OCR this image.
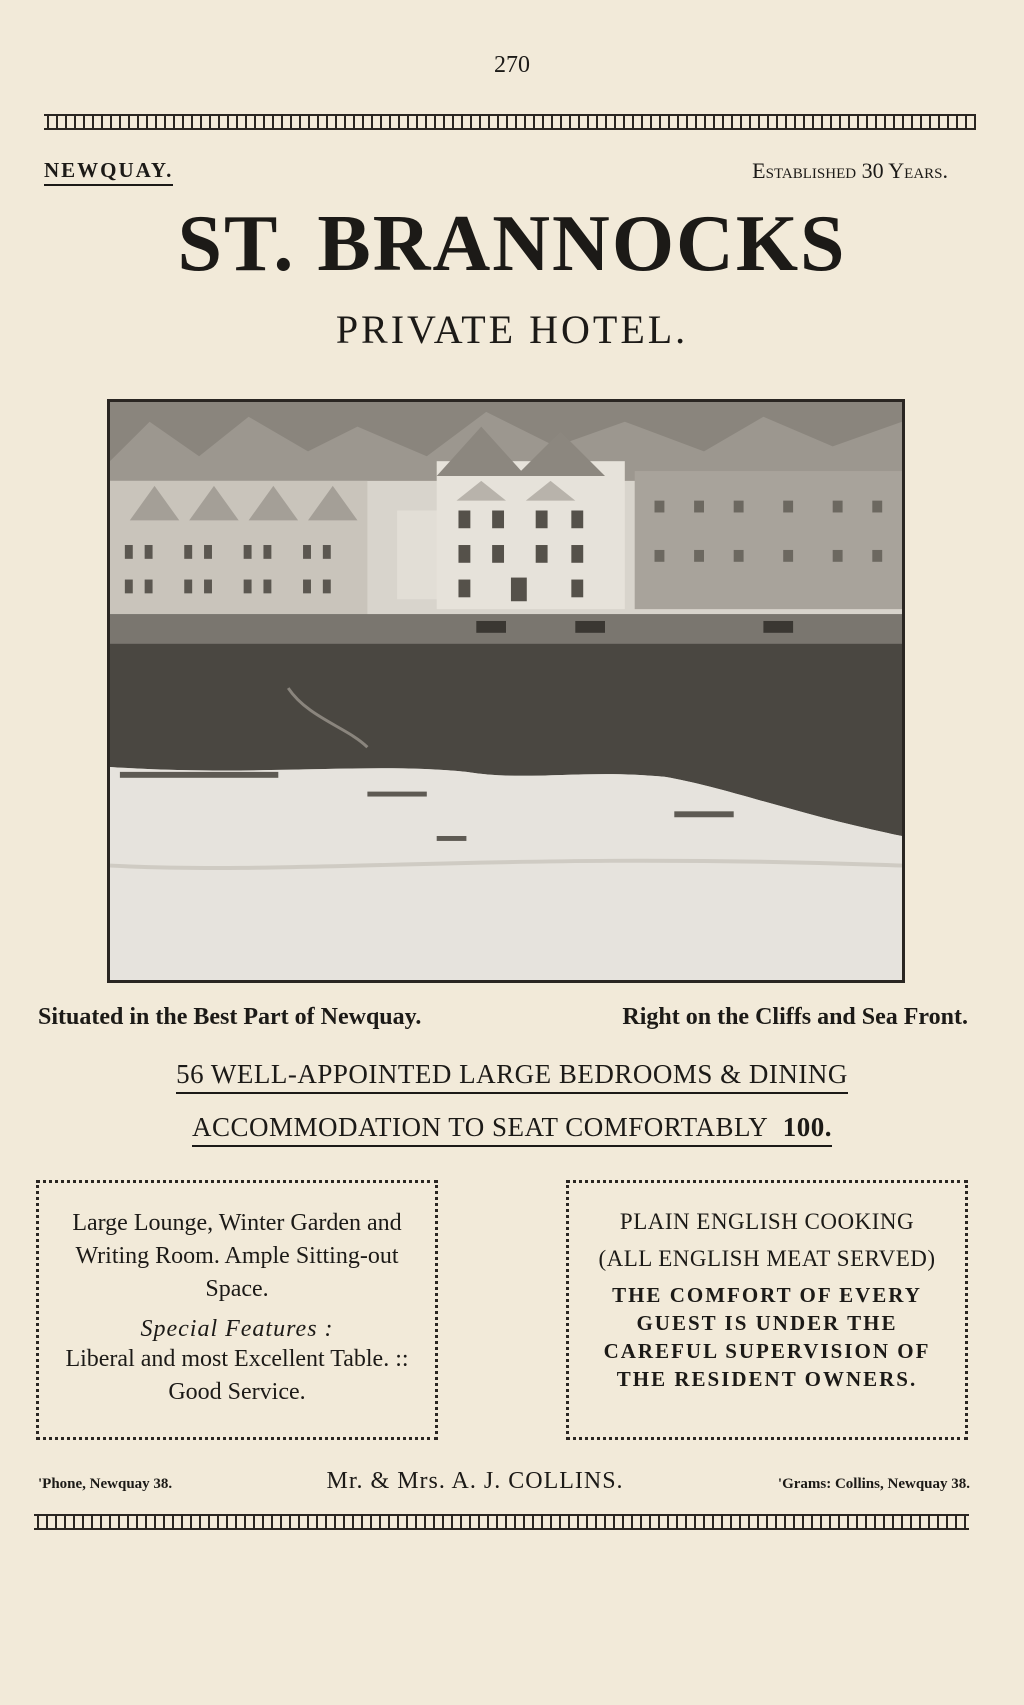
270
NEWQUAY.	Established 30 Years.
ST. BRANNOCKS
PRIVATE HOTEL.
Situated in the Best Part of Newquay.	Right on the Cliffs and Sea Front.
56 WELL-APPOINTED LARGE BEDROOMS & DINING
ACCOMMODATION TO SEAT COMFORTABLY 100.

Large Lounge, Winter Garden and Writing Room. Ample Sitting-out Space.

Special Features :

Liberal and most Excellent Table. :: Good Service.

PLAIN ENGLISH COOKING

(ALL ENGLISH MEAT SERVED)

THE COMFORT OF EVERY GUEST IS UNDER THE CAREFUL SUPERVISION OF THE RESIDENT OWNERS.

'Phone, Newquay 38.	Mr. & Mrs. A. J. COLLINS.	'Grams: Collins, Newquay 38.
